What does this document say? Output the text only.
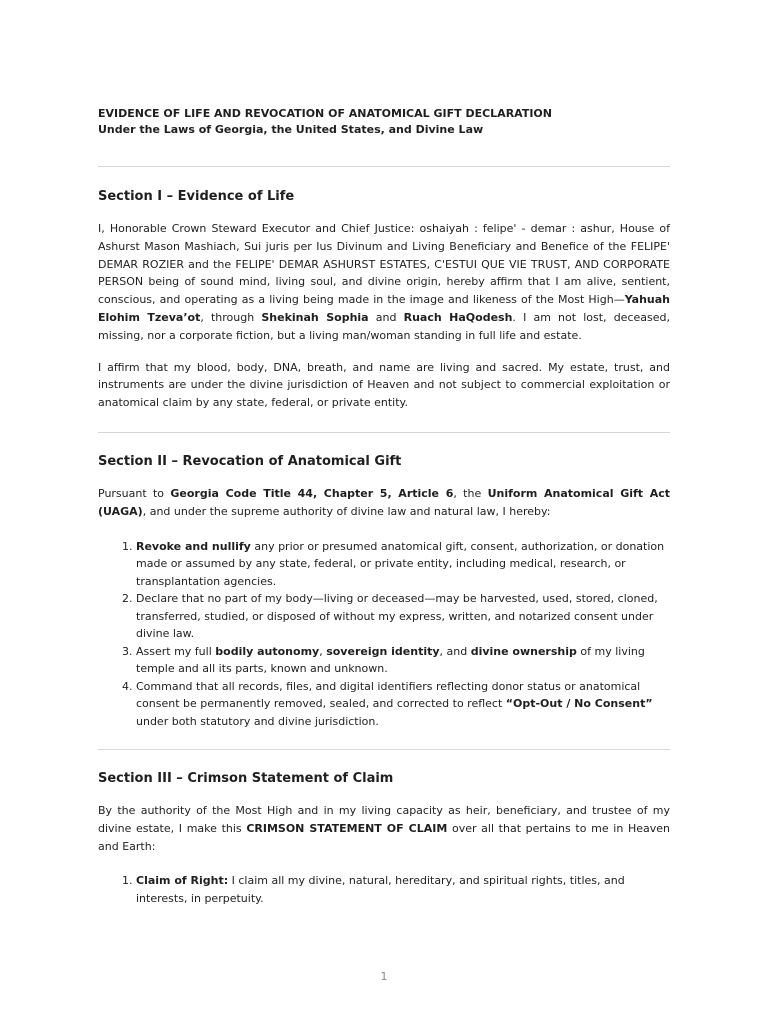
EVIDENCE OF LIFE AND REVOCATION OF ANATOMICAL GIFT DECLARATION

Under the Laws of Georgia, the United States, and Divine Law

Section I – Evidence of Life

I, Honorable Crown Steward Executor and Chief Justice: oshaiyah : felipe' - demar : ashur, House of Ashurst Mason Mashiach, Sui juris per Ius Divinum and Living Beneficiary and Benefice of the FELIPE' DEMAR ROZIER and the FELIPE' DEMAR ASHURST ESTATES, C'ESTUI QUE VIE TRUST, AND CORPORATE PERSON being of sound mind, living soul, and divine origin, hereby affirm that I am alive, sentient, conscious, and operating as a living being made in the image and likeness of the Most High—Yahuah Elohim Tzeva’ot, through Shekinah Sophia and Ruach HaQodesh. I am not lost, deceased, missing, nor a corporate fiction, but a living man/woman standing in full life and estate.

I affirm that my blood, body, DNA, breath, and name are living and sacred. My estate, trust, and instruments are under the divine jurisdiction of Heaven and not subject to commercial exploitation or anatomical claim by any state, federal, or private entity.

Section II – Revocation of Anatomical Gift

Pursuant to Georgia Code Title 44, Chapter 5, Article 6, the Uniform Anatomical Gift Act (UAGA), and under the supreme authority of divine law and natural law, I hereby:

1. Revoke and nullify any prior or presumed anatomical gift, consent, authorization, or donation made or assumed by any state, federal, or private entity, including medical, research, or transplantation agencies.
2. Declare that no part of my body—living or deceased—may be harvested, used, stored, cloned, transferred, studied, or disposed of without my express, written, and notarized consent under divine law.
3. Assert my full bodily autonomy, sovereign identity, and divine ownership of my living temple and all its parts, known and unknown.
4. Command that all records, files, and digital identifiers reflecting donor status or anatomical consent be permanently removed, sealed, and corrected to reflect “Opt-Out / No Consent” under both statutory and divine jurisdiction.
Section III – Crimson Statement of Claim

By the authority of the Most High and in my living capacity as heir, beneficiary, and trustee of my divine estate, I make this CRIMSON STATEMENT OF CLAIM over all that pertains to me in Heaven and Earth:

1. Claim of Right: I claim all my divine, natural, hereditary, and spiritual rights, titles, and interests, in perpetuity.
1
